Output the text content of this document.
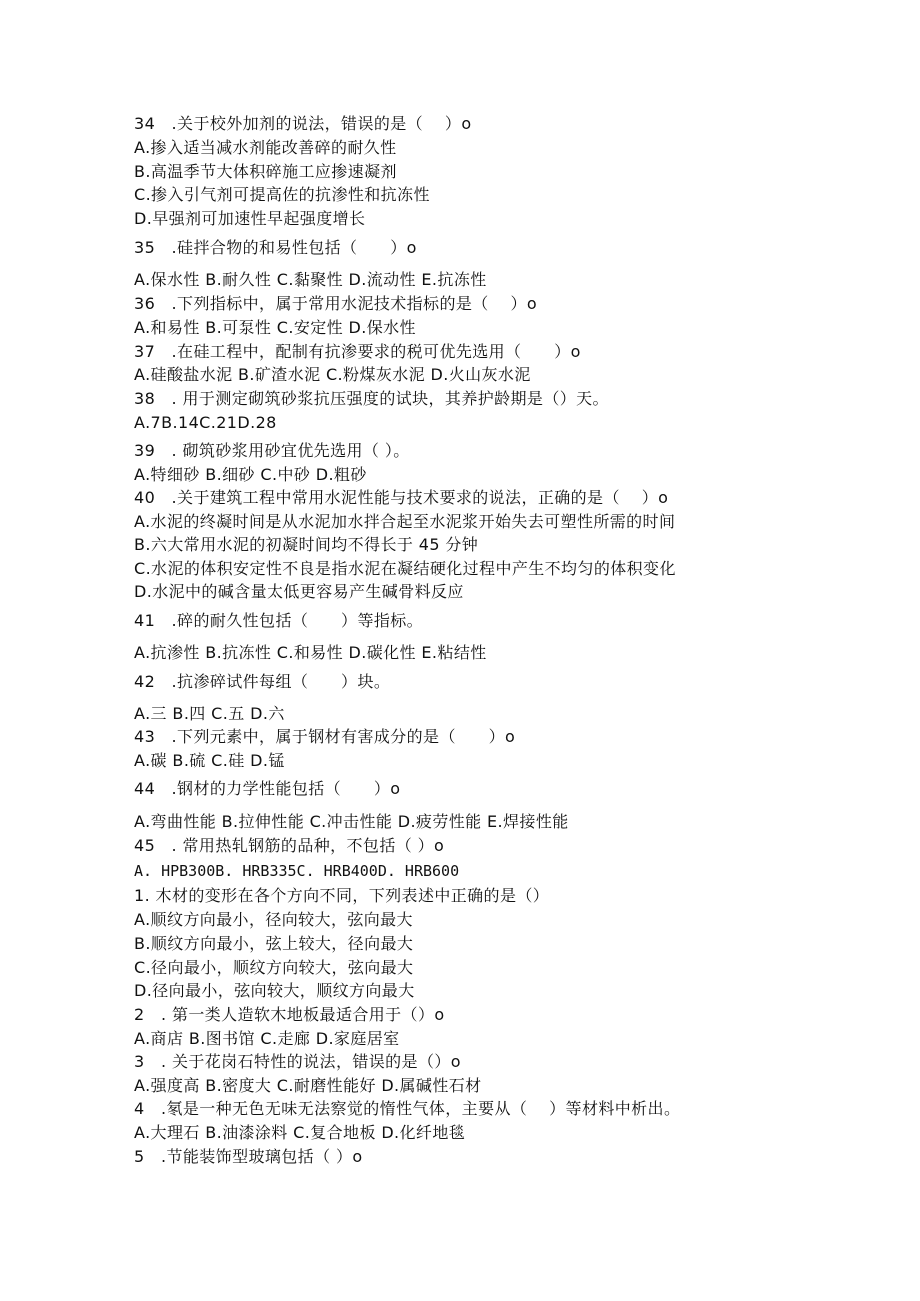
34　.关于校外加剂的说法，错误的是（　 ）o
A.掺入适当减水剂能改善碎的耐久性
B.高温季节大体积碎施工应掺速凝剂
C.掺入引气剂可提高佐的抗渗性和抗冻性
D.早强剂可加速性早起强度增长
35　.硅拌合物的和易性包括（　　）o
A.保水性 B.耐久性 C.黏聚性 D.流动性 E.抗冻性
36　.下列指标中，属于常用水泥技术指标的是（　 ）o
A.和易性 B.可泵性 C.安定性 D.保水性
37　.在硅工程中，配制有抗渗要求的税可优先选用（　　）o
A.硅酸盐水泥 B.矿渣水泥 C.粉煤灰水泥 D.火山灰水泥
38　. 用于测定砌筑砂浆抗压强度的试块，其养护龄期是（）天。
A.7B.14C.21D.28
39　. 砌筑砂浆用砂宜优先选用（ ）。
A.特细砂 B.细砂 C.中砂 D.粗砂
40　.关于建筑工程中常用水泥性能与技术要求的说法，正确的是（　 ）o
A.水泥的终凝时间是从水泥加水拌合起至水泥浆开始失去可塑性所需的时间
B.六大常用水泥的初凝时间均不得长于 45 分钟
C.水泥的体积安定性不良是指水泥在凝结硬化过程中产生不均匀的体积变化
D.水泥中的碱含量太低更容易产生碱骨料反应
41　.碎的耐久性包括（　　）等指标。
A.抗渗性 B.抗冻性 C.和易性 D.碳化性 E.粘结性
42　.抗渗碎试件每组（　　）块。
A.三 B.四 C.五 D.六
43　.下列元素中，属于钢材有害成分的是（　　）o
A.碳 B.硫 C.硅 D.锰
44　.钢材的力学性能包括（　　）o
A.弯曲性能 B.拉伸性能 C.冲击性能 D.疲劳性能 E.焊接性能
45　. 常用热轧钢筋的品种，不包括（ ）o
A. HPB300B. HRB335C. HRB400D. HRB600
1. 木材的变形在各个方向不同，下列表述中正确的是（）
A.顺纹方向最小，径向较大，弦向最大
B.顺纹方向最小，弦上较大，径向最大
C.径向最小，顺纹方向较大，弦向最大
D.径向最小，弦向较大，顺纹方向最大
2　. 第一类人造软木地板最适合用于（）o
A.商店 B.图书馆 C.走廊 D.家庭居室
3　. 关于花岗石特性的说法，错误的是（）o
A.强度高 B.密度大 C.耐磨性能好 D.属碱性石材
4　.氡是一种无色无味无法察觉的惰性气体，主要从（　 ）等材料中析出。
A.大理石 B.油漆涂料 C.复合地板 D.化纤地毯
5　.节能装饰型玻璃包括（ ）o
